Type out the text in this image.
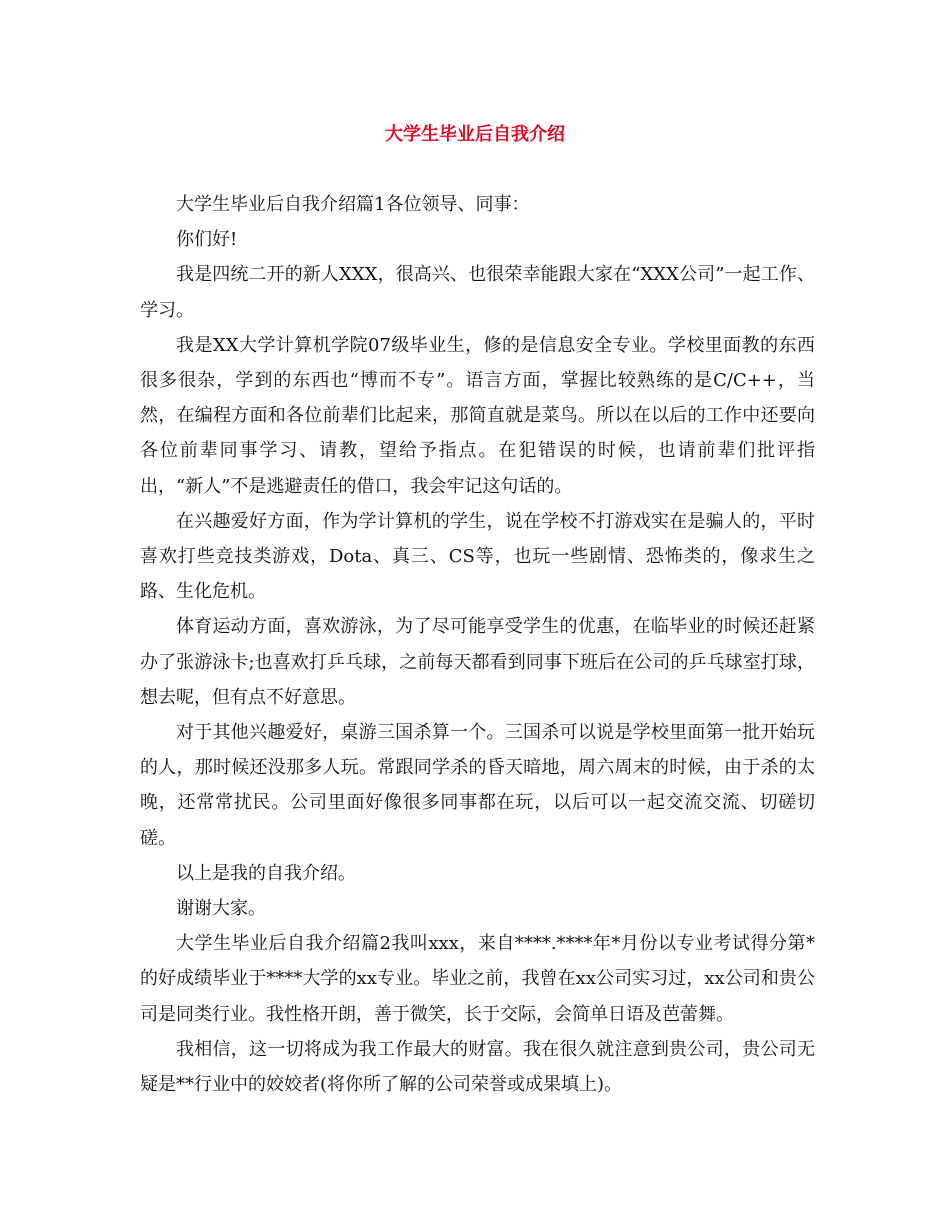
大学生毕业后自我介绍

大学生毕业后自我介绍篇1各位领导、同事：

你们好!

我是四统二开的新人XXX，很高兴、也很荣幸能跟大家在“XXX公司”一起工作、学习。

我是XX大学计算机学院07级毕业生，修的是信息安全专业。学校里面教的东西很多很杂，学到的东西也“博而不专”。语言方面，掌握比较熟练的是C/C++，当然，在编程方面和各位前辈们比起来，那简直就是菜鸟。所以在以后的工作中还要向各位前辈同事学习、请教，望给予指点。在犯错误的时候，也请前辈们批评指出，“新人”不是逃避责任的借口，我会牢记这句话的。

在兴趣爱好方面，作为学计算机的学生，说在学校不打游戏实在是骗人的，平时喜欢打些竞技类游戏，Dota、真三、CS等，也玩一些剧情、恐怖类的，像求生之路、生化危机。

体育运动方面，喜欢游泳，为了尽可能享受学生的优惠，在临毕业的时候还赶紧办了张游泳卡;也喜欢打乒乓球，之前每天都看到同事下班后在公司的乒乓球室打球，想去呢，但有点不好意思。

对于其他兴趣爱好，桌游三国杀算一个。三国杀可以说是学校里面第一批开始玩的人，那时候还没那多人玩。常跟同学杀的昏天暗地，周六周末的时候，由于杀的太晚，还常常扰民。公司里面好像很多同事都在玩，以后可以一起交流交流、切磋切磋。

以上是我的自我介绍。

谢谢大家。

大学生毕业后自我介绍篇2我叫xxx，来自****.****年*月份以专业考试得分第*的好成绩毕业于****大学的xx专业。毕业之前，我曾在xx公司实习过，xx公司和贵公司是同类行业。我性格开朗，善于微笑，长于交际，会简单日语及芭蕾舞。

我相信，这一切将成为我工作最大的财富。我在很久就注意到贵公司，贵公司无疑是**行业中的姣姣者(将你所了解的公司荣誉或成果填上)。
